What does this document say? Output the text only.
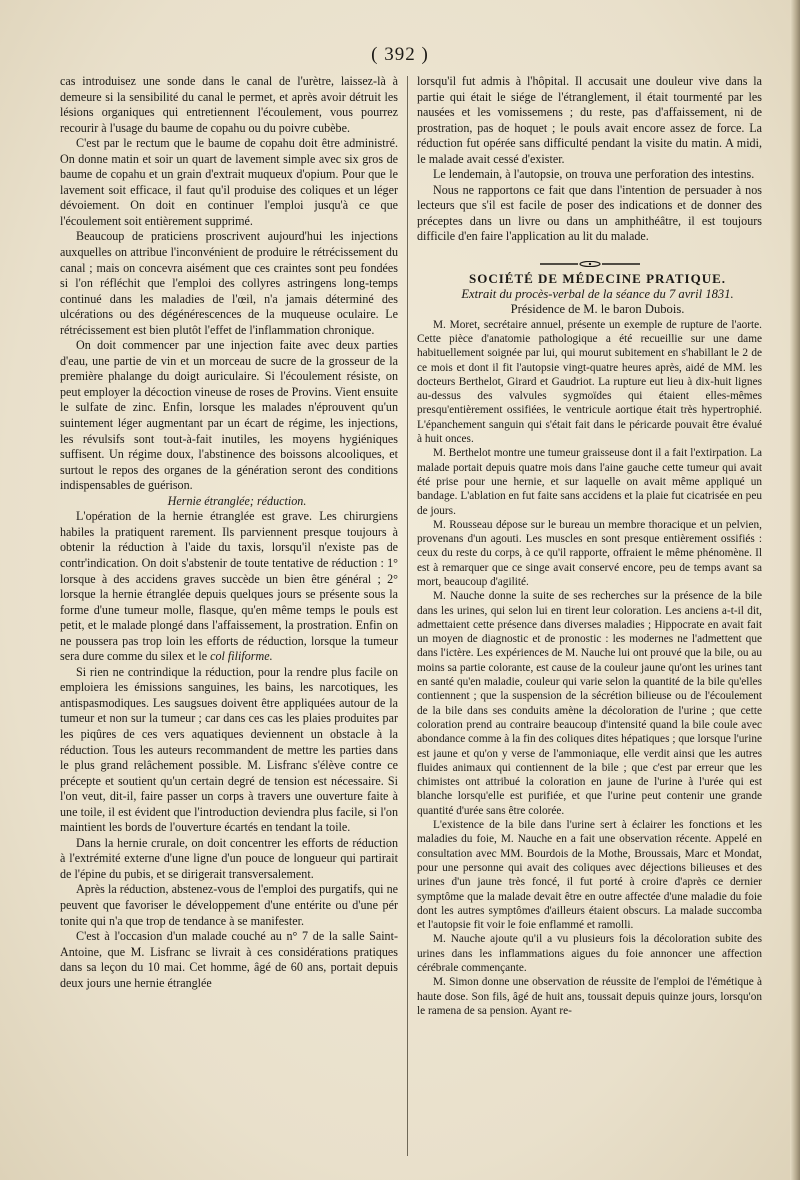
( 392 )

cas introduisez une sonde dans le canal de l'urètre, laissez-là à demeure si la sensibilité du canal le permet, et après avoir détruit les lésions organiques qui entretiennent l'écoulement, vous pourrez recourir à l'usage du baume de copahu ou du poivre cubèbe.

C'est par le rectum que le baume de copahu doit être administré. On donne matin et soir un quart de lavement simple avec six gros de baume de copahu et un grain d'extrait muqueux d'opium. Pour que le lavement soit efficace, il faut qu'il produise des coliques et un léger dévoiement. On doit en continuer l'emploi jusqu'à ce que l'écoulement soit entièrement supprimé.

Beaucoup de praticiens proscrivent aujourd'hui les injections auxquelles on attribue l'inconvénient de produire le rétrécissement du canal ; mais on concevra aisément que ces craintes sont peu fondées si l'on réfléchit que l'emploi des collyres astringens long-temps continué dans les maladies de l'œil, n'a jamais déterminé des ulcérations ou des dégénérescences de la muqueuse oculaire. Le rétrécissement est bien plutôt l'effet de l'inflammation chronique.

On doit commencer par une injection faite avec deux parties d'eau, une partie de vin et un morceau de sucre de la grosseur de la première phalange du doigt auriculaire. Si l'écoulement résiste, on peut employer la décoction vineuse de roses de Provins. Vient ensuite le sulfate de zinc. Enfin, lorsque les malades n'éprouvent qu'un suintement léger augmentant par un écart de régime, les injections, les révulsifs sont tout-à-fait inutiles, les moyens hygiéniques suffisent. Un régime doux, l'abstinence des boissons alcooliques, et surtout le repos des organes de la génération seront des conditions indispensables de guérison.

Hernie étranglée; réduction.

L'opération de la hernie étranglée est grave. Les chirurgiens habiles la pratiquent rarement. Ils parviennent presque toujours à obtenir la réduction à l'aide du taxis, lorsqu'il n'existe pas de contr'indication. On doit s'abstenir de toute tentative de réduction : 1° lorsque à des accidens graves succède un bien être général ; 2° lorsque la hernie étranglée depuis quelques jours se présente sous la forme d'une tumeur molle, flasque, qu'en même temps le pouls est petit, et le malade plongé dans l'affaissement, la prostration. Enfin on ne poussera pas trop loin les efforts de réduction, lorsque la tumeur sera dure comme du silex et le col filiforme.

Si rien ne contrindique la réduction, pour la rendre plus facile on emploiera les émissions sanguines, les bains, les narcotiques, les antispasmodiques. Les saugsues doivent être appliquées autour de la tumeur et non sur la tumeur ; car dans ces cas les plaies produites par les piqûres de ces vers aquatiques deviennent un obstacle à la réduction. Tous les auteurs recommandent de mettre les parties dans le plus grand relâchement possible. M. Lisfranc s'élève contre ce précepte et soutient qu'un certain degré de tension est nécessaire. Si l'on veut, dit-il, faire passer un corps à travers une ouverture faite à une toile, il est évident que l'introduction deviendra plus facile, si l'on maintient les bords de l'ouverture écartés en tendant la toile.

Dans la hernie crurale, on doit concentrer les efforts de réduction à l'extrémité externe d'une ligne d'un pouce de longueur qui partirait de l'épine du pubis, et se dirigerait transversalement.

Après la réduction, abstenez-vous de l'emploi des purgatifs, qui ne peuvent que favoriser le développement d'une entérite ou d'une pér tonite qui n'a que trop de tendance à se manifester.

C'est à l'occasion d'un malade couché au n° 7 de la salle Saint-Antoine, que M. Lisfranc se livrait à ces considérations pratiques dans sa leçon du 10 mai. Cet homme, âgé de 60 ans, portait depuis deux jours une hernie étranglée

lorsqu'il fut admis à l'hôpital. Il accusait une douleur vive dans la partie qui était le siége de l'étranglement, il était tourmenté par les nausées et les vomissemens ; du reste, pas d'affaissement, ni de prostration, pas de hoquet ; le pouls avait encore assez de force. La réduction fut opérée sans difficulté pendant la visite du matin. A midi, le malade avait cessé d'exister.

Le lendemain, à l'autopsie, on trouva une perforation des intestins.

Nous ne rapportons ce fait que dans l'intention de persuader à nos lecteurs que s'il est facile de poser des indications et de donner des préceptes dans un livre ou dans un amphithéâtre, il est toujours difficile d'en faire l'application au lit du malade.

SOCIÉTÉ DE MÉDECINE PRATIQUE.

Extrait du procès-verbal de la séance du 7 avril 1831.

Présidence de M. le baron Dubois.

M. Moret, secrétaire annuel, présente un exemple de rupture de l'aorte. Cette pièce d'anatomie pathologique a été recueillie sur une dame habituellement soignée par lui, qui mourut subitement en s'habillant le 2 de ce mois et dont il fit l'autopsie vingt-quatre heures après, aidé de MM. les docteurs Berthelot, Girard et Gaudriot. La rupture eut lieu à dix-huit lignes au-dessus des valvules sygmoïdes qui étaient elles-mêmes presqu'entièrement ossifiées, le ventricule aortique était très hypertrophié. L'épanchement sanguin qui s'était fait dans le péricarde pouvait être évalué à huit onces.

M. Berthelot montre une tumeur graisseuse dont il a fait l'extirpation. La malade portait depuis quatre mois dans l'aine gauche cette tumeur qui avait été prise pour une hernie, et sur laquelle on avait même appliqué un bandage. L'ablation en fut faite sans accidens et la plaie fut cicatrisée en peu de jours.

M. Rousseau dépose sur le bureau un membre thoracique et un pelvien, provenans d'un agouti. Les muscles en sont presque entièrement ossifiés : ceux du reste du corps, à ce qu'il rapporte, offraient le même phénomène. Il est à remarquer que ce singe avait conservé encore, peu de temps avant sa mort, beaucoup d'agilité.

M. Nauche donne la suite de ses recherches sur la présence de la bile dans les urines, qui selon lui en tirent leur coloration. Les anciens a-t-il dit, admettaient cette présence dans diverses maladies ; Hippocrate en avait fait un moyen de diagnostic et de pronostic : les modernes ne l'admettent que dans l'ictère. Les expériences de M. Nauche lui ont prouvé que la bile, ou au moins sa partie colorante, est cause de la couleur jaune qu'ont les urines tant en santé qu'en maladie, couleur qui varie selon la quantité de la bile qu'elles contiennent ; que la suspension de la sécrétion bilieuse ou de l'écoulement de la bile dans ses conduits amène la décoloration de l'urine ; que cette coloration prend au contraire beaucoup d'intensité quand la bile coule avec abondance comme à la fin des coliques dites hépatiques ; que lorsque l'urine est jaune et qu'on y verse de l'ammoniaque, elle verdit ainsi que les autres fluides animaux qui contiennent de la bile ; que c'est par erreur que les chimistes ont attribué la coloration en jaune de l'urine à l'urée qui est blanche lorsqu'elle est purifiée, et que l'urine peut contenir une grande quantité d'urée sans être colorée.

L'existence de la bile dans l'urine sert à éclairer les fonctions et les maladies du foie, M. Nauche en a fait une observation récente. Appelé en consultation avec MM. Bourdois de la Mothe, Broussais, Marc et Mondat, pour une personne qui avait des coliques avec déjections bilieuses et des urines d'un jaune très foncé, il fut porté à croire d'après ce dernier symptôme que la malade devait être en outre affectée d'une maladie du foie dont les autres symptômes d'ailleurs étaient obscurs. La malade succomba et l'autopsie fit voir le foie enflammé et ramolli.

M. Nauche ajoute qu'il a vu plusieurs fois la décoloration subite des urines dans les inflammations aigues du foie annoncer une affection cérébrale commençante.

M. Simon donne une observation de réussite de l'emploi de l'émétique à haute dose. Son fils, âgé de huit ans, toussait depuis quinze jours, lorsqu'on le ramena de sa pension. Ayant re-
